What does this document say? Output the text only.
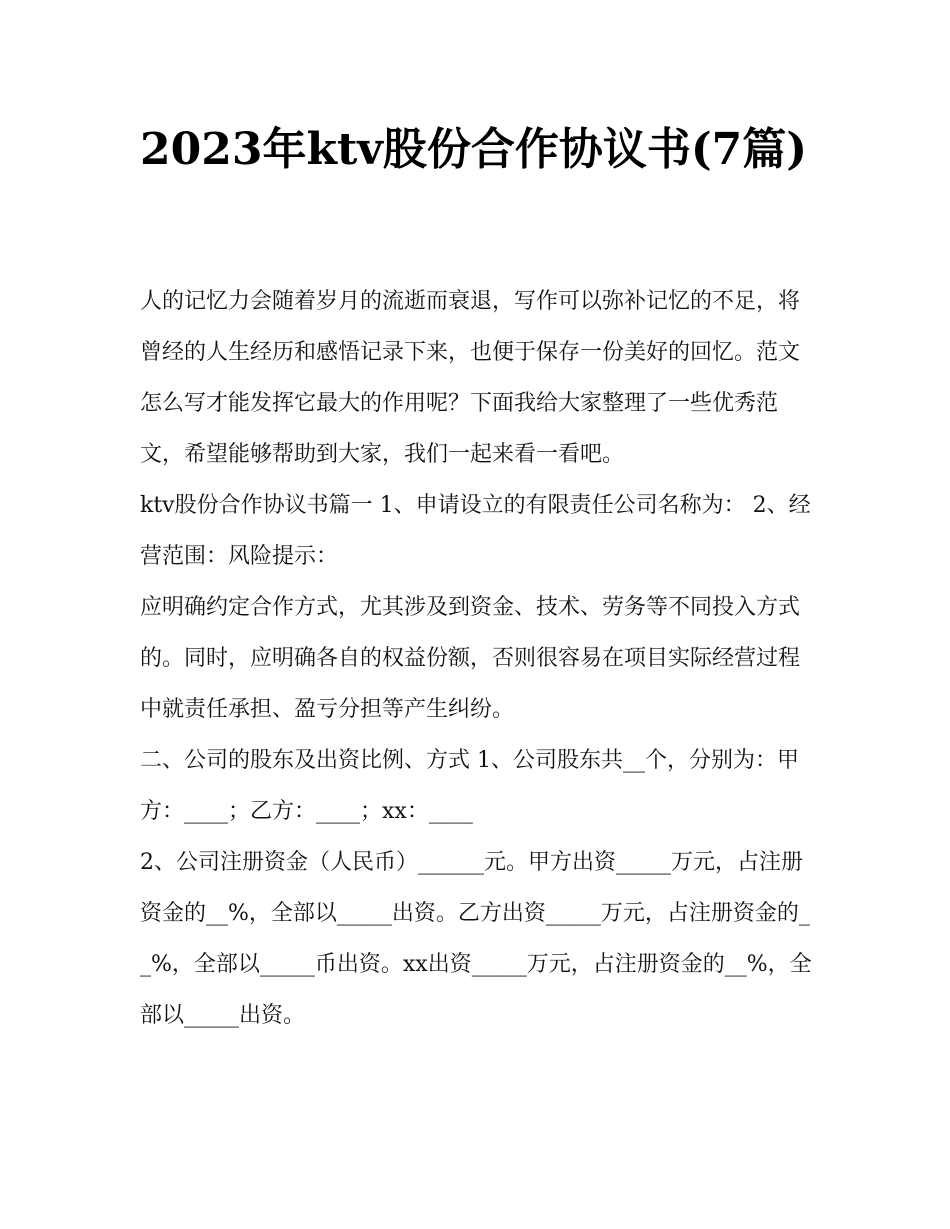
2023年ktv股份合作协议书(7篇)

人的记忆力会随着岁月的流逝而衰退，写作可以弥补记忆的不足，将曾经的人生经历和感悟记录下来，也便于保存一份美好的回忆。范文怎么写才能发挥它最大的作用呢？下面我给大家整理了一些优秀范文，希望能够帮助到大家，我们一起来看一看吧。

ktv股份合作协议书篇一 1、申请设立的有限责任公司名称为： 2、经营范围：风险提示：

应明确约定合作方式，尤其涉及到资金、技术、劳务等不同投入方式的。同时，应明确各自的权益份额，否则很容易在项目实际经营过程中就责任承担、盈亏分担等产生纠纷。

二、公司的股东及出资比例、方式 1、公司股东共__个，分别为：甲方：____；乙方：____；xx：____

2、公司注册资金（人民币）______元。甲方出资_____万元，占注册资金的__%，全部以_____出资。乙方出资_____万元，占注册资金的__%，全部以_____币出资。xx出资_____万元，占注册资金的__%，全部以_____出资。
